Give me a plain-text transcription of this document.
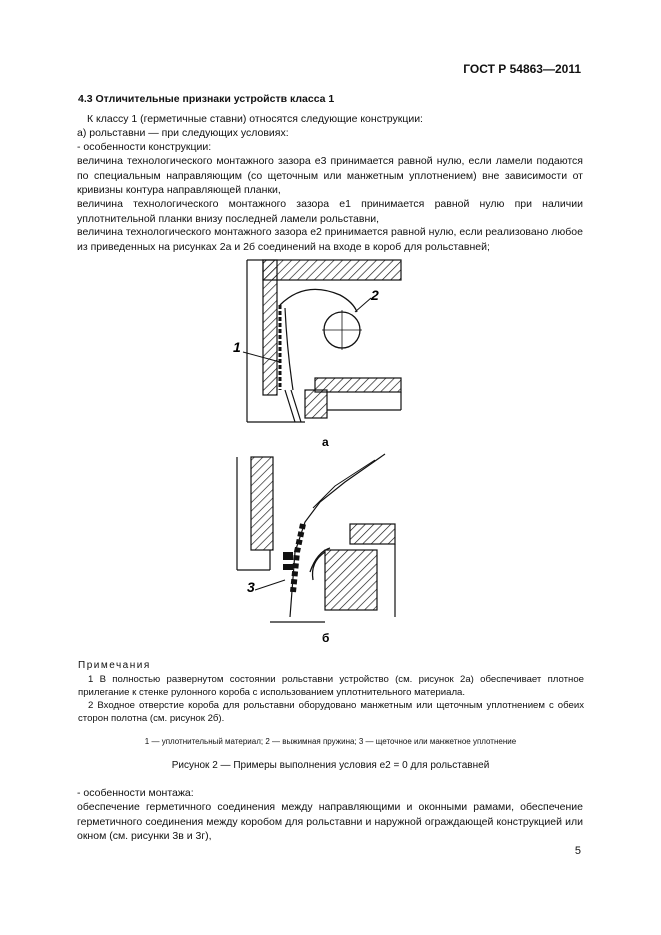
ГОСТ Р 54863—2011
4.3 Отличительные признаки устройств класса 1
К классу 1 (герметичные ставни) относятся следующие конструкции:
а) рольставни — при следующих условиях:
- особенности конструкции:
величина технологического монтажного зазора е3 принимается равной нулю, если ламели подаются по специальным направляющим (со щеточным или манжетным уплотнением) вне зависимости от кривизны контура направляющей планки,
величина технологического монтажного зазора е1 принимается равной нулю при наличии уплотнительной планки внизу последней ламели рольставни,
величина технологического монтажного зазора е2 принимается равной нулю, если реализовано любое из приведенных на рисунках 2а и 2б соединений на входе в короб для рольставней;
2
1
а
3
б
Примечания
1 В полностью развернутом состоянии рольставни устройство (см. рисунок 2а) обеспечивает плотное прилегание к стенке рулонного короба с использованием уплотнительного материала.
2 Входное отверстие короба для рольставни оборудовано манжетным или щеточным уплотнением с обеих сторон полотна (см. рисунок 2б).
1 — уплотнительный материал; 2 — выжимная пружина; 3 — щеточное или манжетное уплотнение
Рисунок 2 — Примеры выполнения условия е2 = 0 для рольставней
- особенности монтажа:
обеспечение герметичного соединения между направляющими и оконными рамами, обеспечение герметичного соединения между коробом для рольставни и наружной ограждающей конструкцией или окном (см. рисунки 3в и 3г),
5
